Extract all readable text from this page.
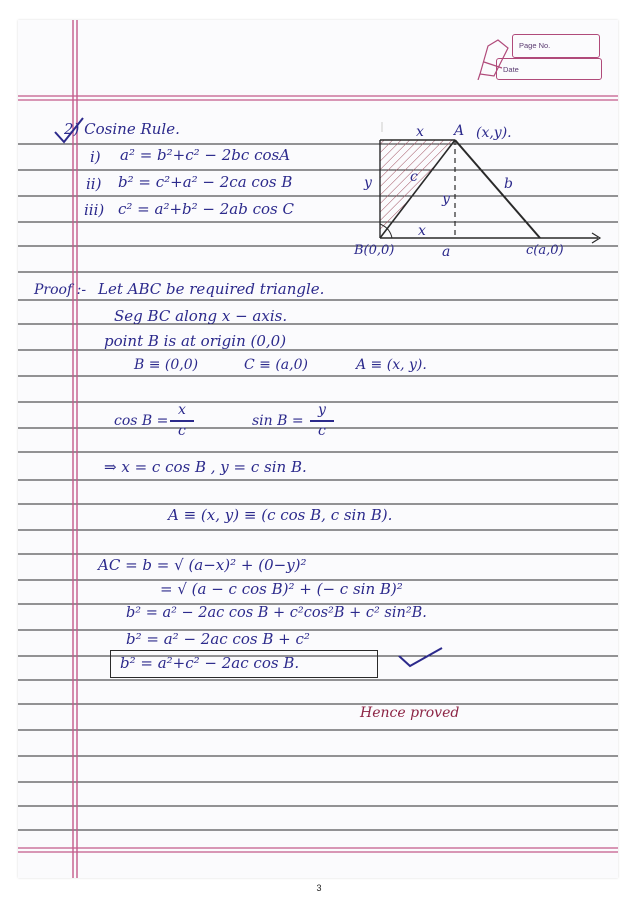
Page No.
Date
2) Cosine Rule.
i) a² = b²+c² − 2bc cosA
ii) b² = c²+a² − 2ca cos B
iii) c² = a²+b² − 2ab cos C
x A (x,y).
y	c	b
y
x
B(0,0)	a	c(a,0)
Proof :- Let ABC be required triangle.
Seg BC along x − axis.
point B is at origin (0,0)
B ≡ (0,0)	C ≡ (a,0)	A ≡ (x, y).
cos B =
x
c
sin B =
y
c
⇒ x = c cos B , y = c sin B.
A ≡ (x, y) ≡ (c cos B, c sin B).
AC = b = √ (a−x)² + (0−y)²
= √ (a − c cos B)² + (− c sin B)²
b² = a² − 2ac cos B + c²cos²B + c² sin²B.
b² = a² − 2ac cos B + c²
b² = a²+c² − 2ac cos B.
Hence proved
3
